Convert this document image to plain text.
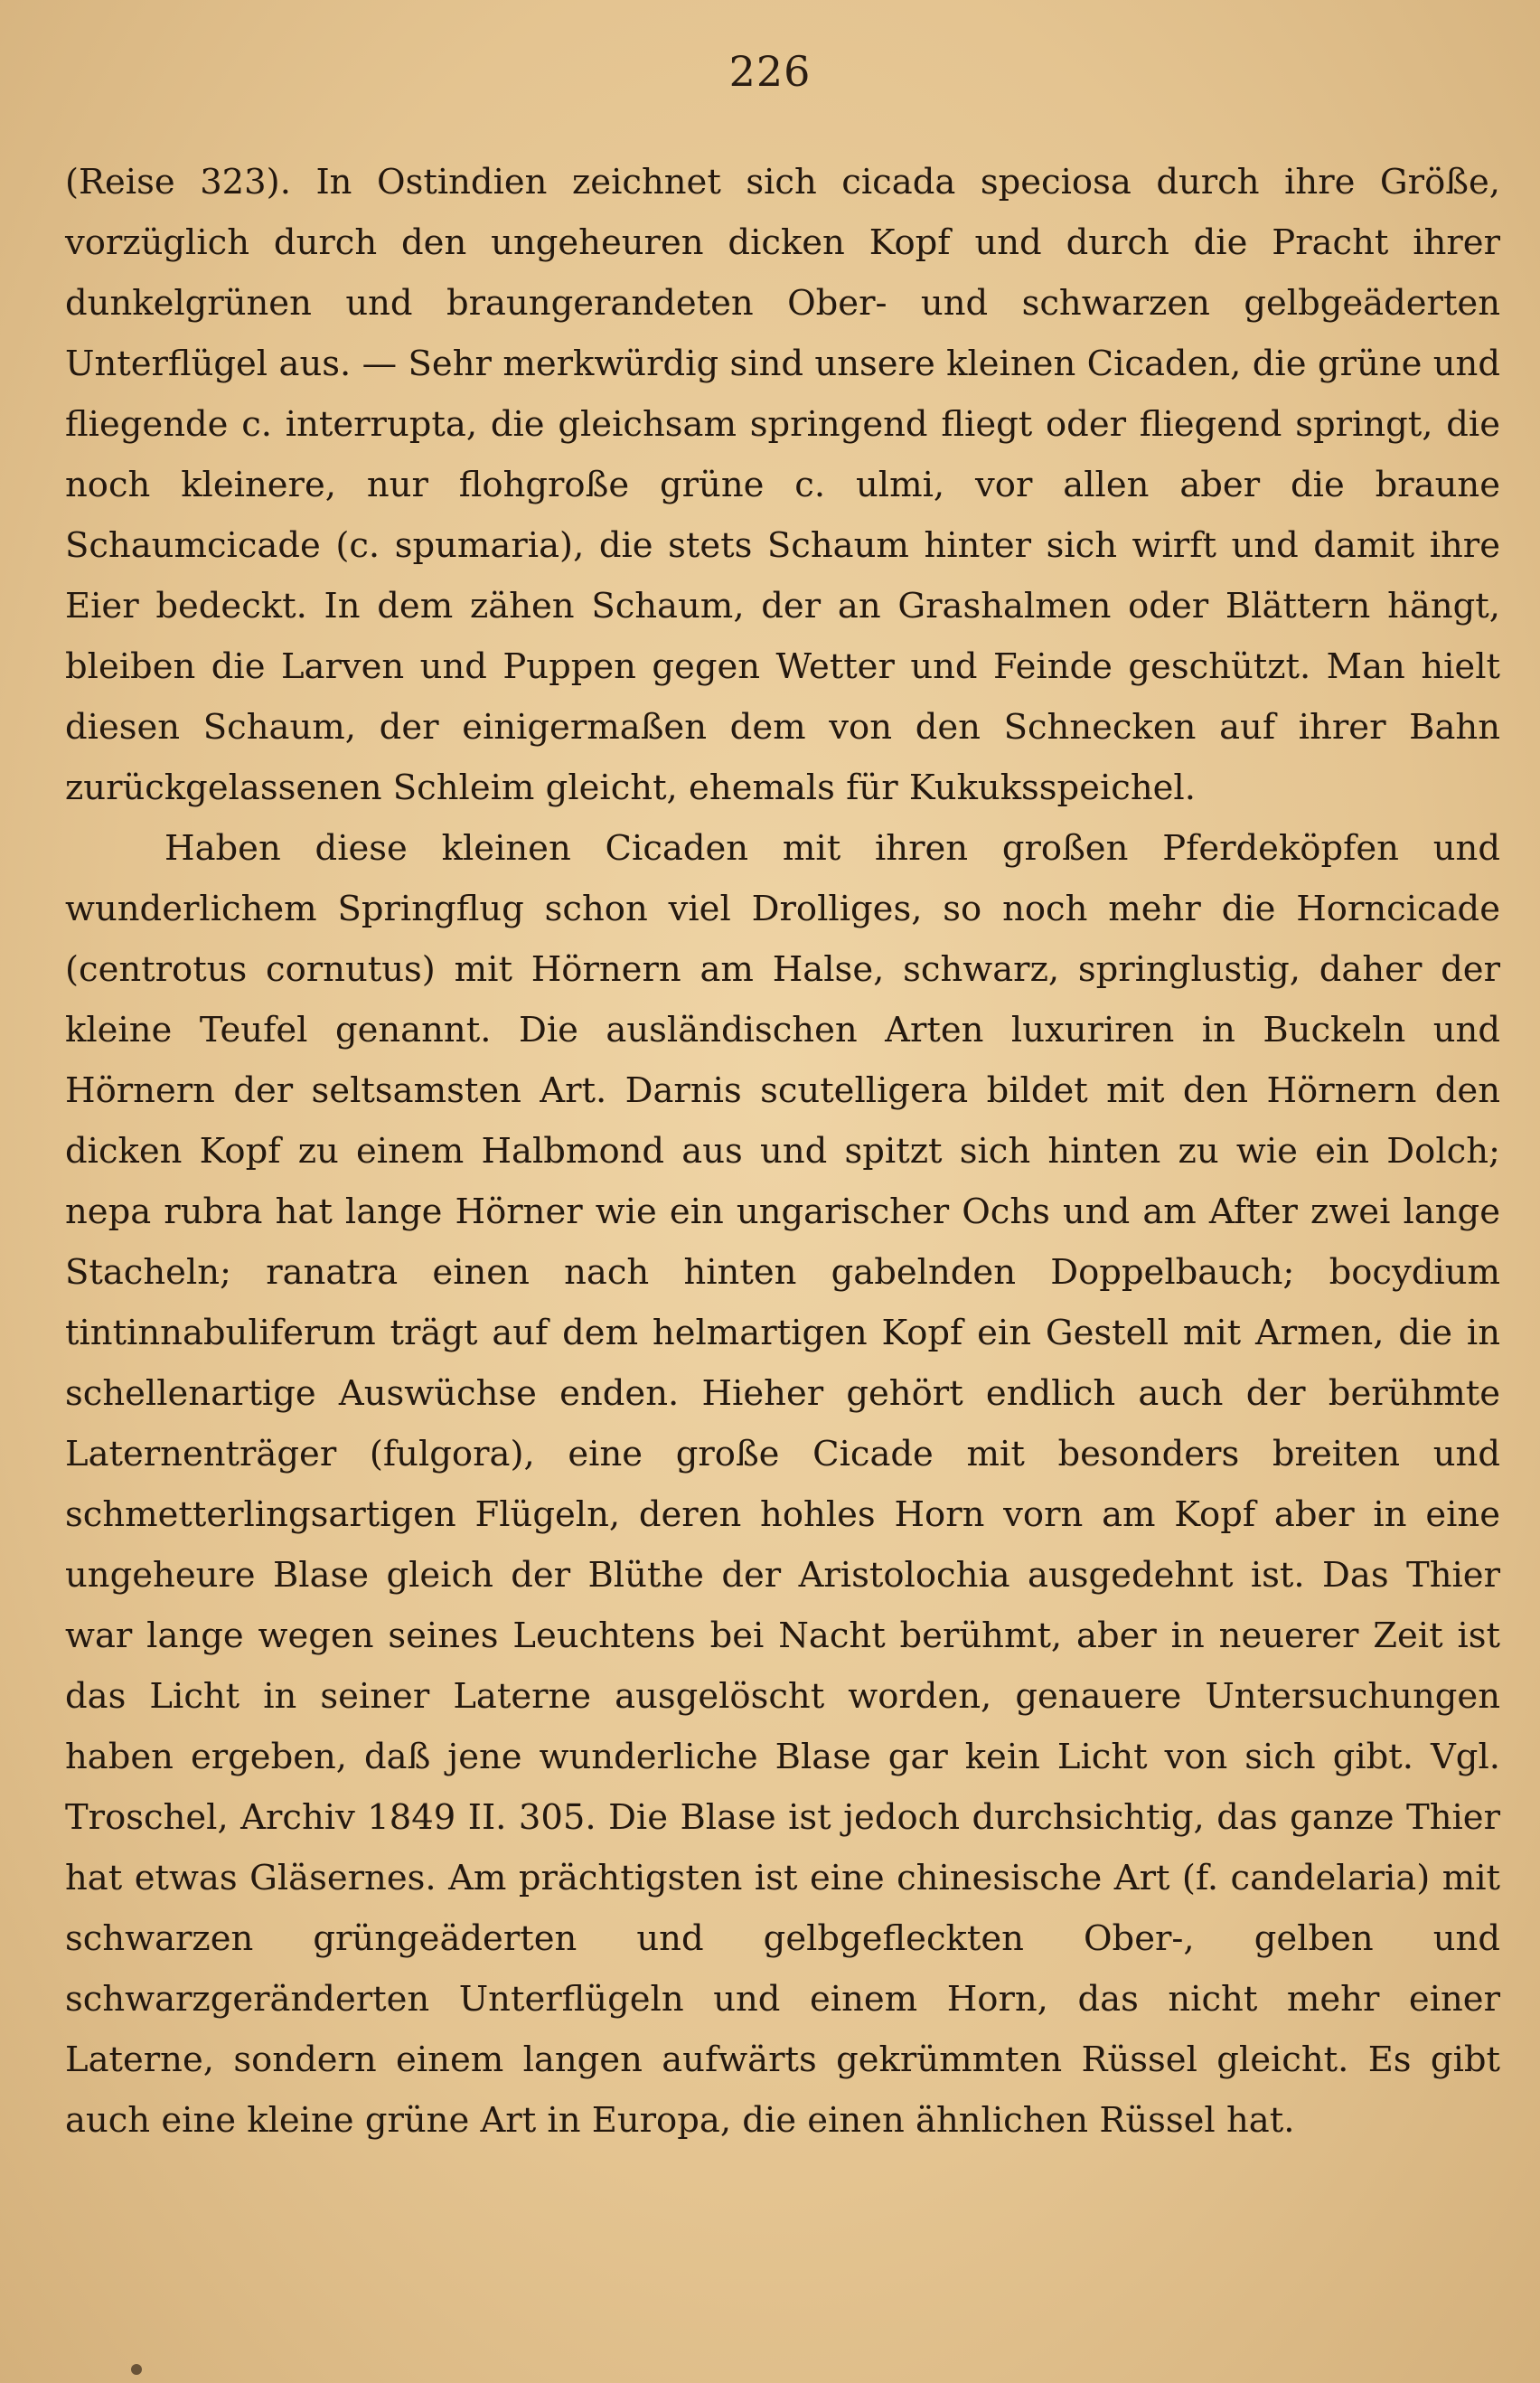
226

(Reise 323). In Ostindien zeichnet sich cicada speciosa durch ihre Größe, vorzüglich durch den ungeheuren dicken Kopf und durch die Pracht ihrer dunkelgrünen und braungerandeten Ober- und schwarzen gelbgeäderten Unterflügel aus. — Sehr merkwürdig sind unsere kleinen Cicaden, die grüne und fliegende c. interrupta, die gleichsam springend fliegt oder fliegend springt, die noch kleinere, nur flohgroße grüne c. ulmi, vor allen aber die braune Schaumcicade (c. spumaria), die stets Schaum hinter sich wirft und damit ihre Eier bedeckt. In dem zähen Schaum, der an Grashalmen oder Blättern hängt, bleiben die Larven und Puppen gegen Wetter und Feinde geschützt. Man hielt diesen Schaum, der einigermaßen dem von den Schnecken auf ihrer Bahn zurückgelassenen Schleim gleicht, ehemals für Kukuksspeichel.

Haben diese kleinen Cicaden mit ihren großen Pferdeköpfen und wunderlichem Springflug schon viel Drolliges, so noch mehr die Horncicade (centrotus cornutus) mit Hörnern am Halse, schwarz, springlustig, daher der kleine Teufel genannt. Die ausländischen Arten luxuriren in Buckeln und Hörnern der seltsamsten Art. Darnis scutelligera bildet mit den Hörnern den dicken Kopf zu einem Halbmond aus und spitzt sich hinten zu wie ein Dolch; nepa rubra hat lange Hörner wie ein ungarischer Ochs und am After zwei lange Stacheln; ranatra einen nach hinten gabelnden Doppelbauch; bocydium tintinnabuliferum trägt auf dem helmartigen Kopf ein Gestell mit Armen, die in schellenartige Auswüchse enden. Hieher gehört endlich auch der berühmte Laternenträger (fulgora), eine große Cicade mit besonders breiten und schmetterlingsartigen Flügeln, deren hohles Horn vorn am Kopf aber in eine ungeheure Blase gleich der Blüthe der Aristolochia ausgedehnt ist. Das Thier war lange wegen seines Leuchtens bei Nacht berühmt, aber in neuerer Zeit ist das Licht in seiner Laterne ausgelöscht worden, genauere Untersuchungen haben ergeben, daß jene wunderliche Blase gar kein Licht von sich gibt. Vgl. Troschel, Archiv 1849 II. 305. Die Blase ist jedoch durchsichtig, das ganze Thier hat etwas Gläsernes. Am prächtigsten ist eine chinesische Art (f. candelaria) mit schwarzen grüngeäderten und gelbgefleckten Ober-, gelben und schwarzgeränderten Unterflügeln und einem Horn, das nicht mehr einer Laterne, sondern einem langen aufwärts gekrümmten Rüssel gleicht. Es gibt auch eine kleine grüne Art in Europa, die einen ähnlichen Rüssel hat.
